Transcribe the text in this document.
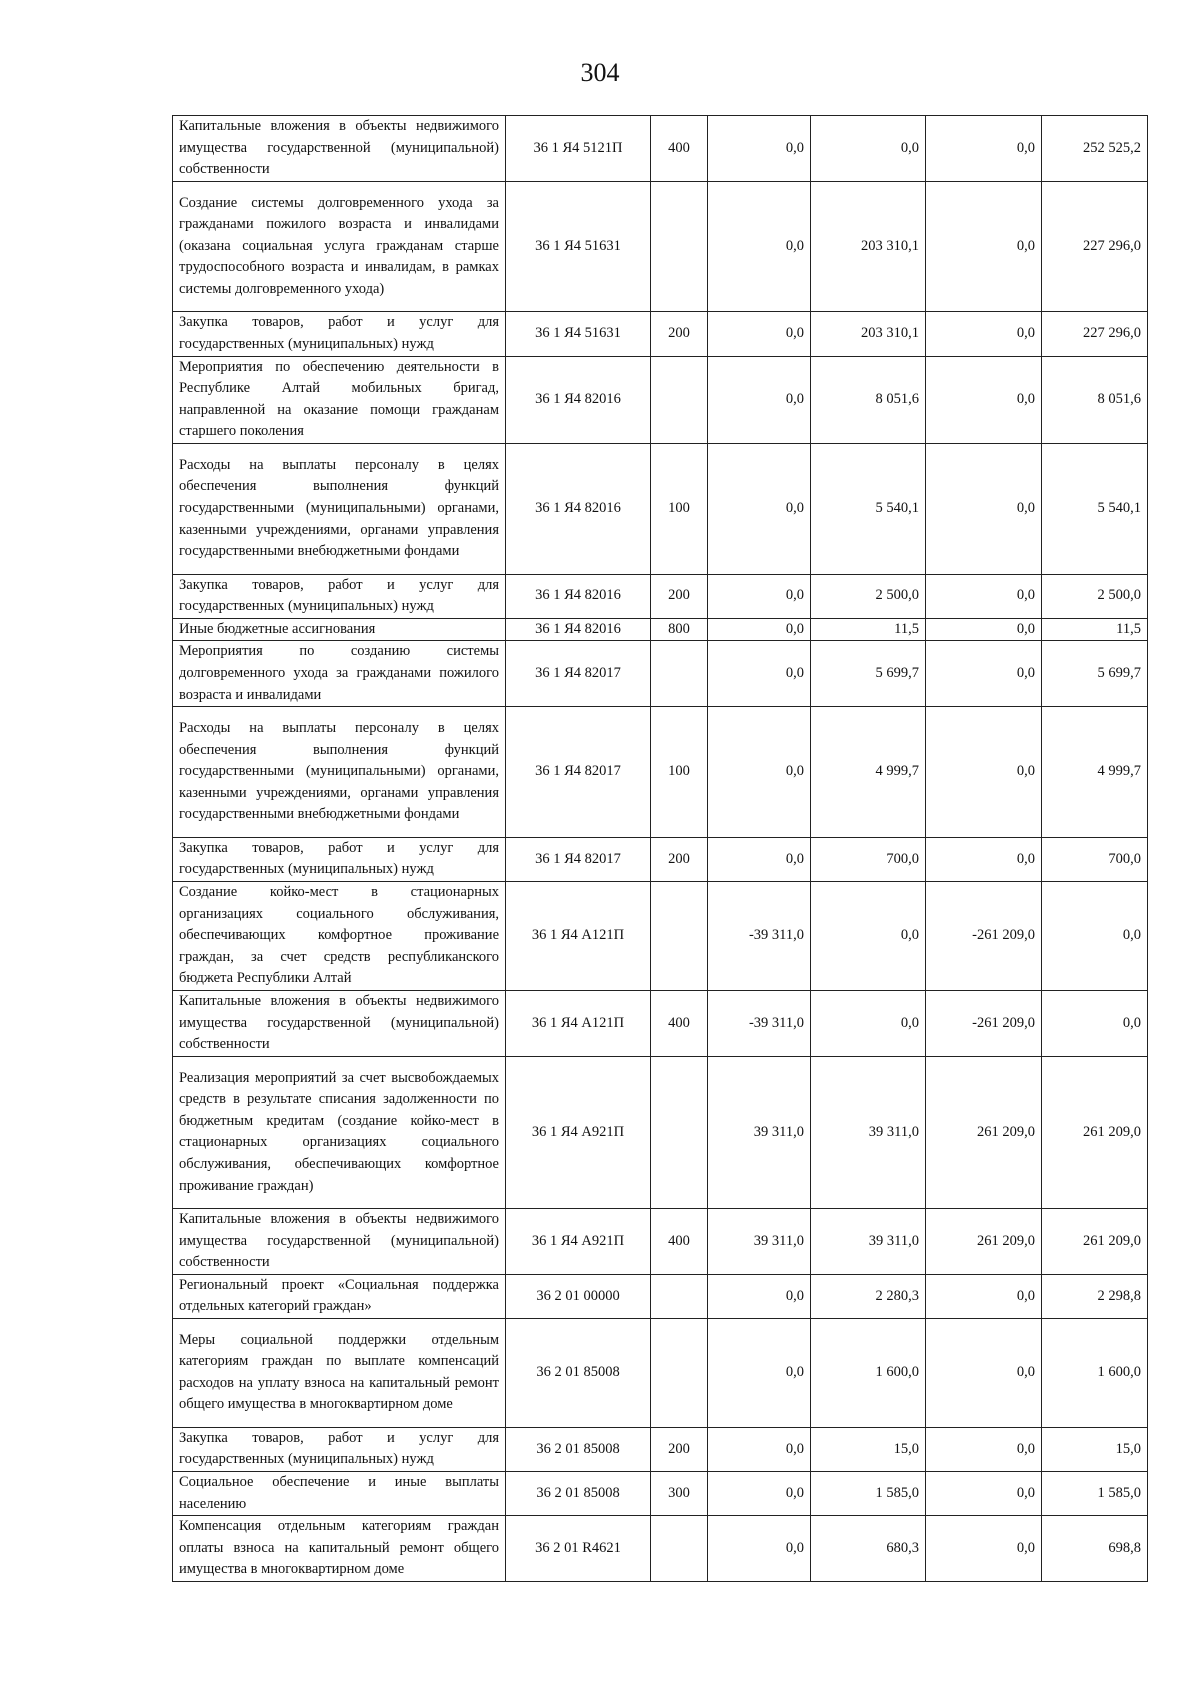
304
Капитальные вложения в объекты недвижимого имущества государственной (муниципальной) собственности	36 1 Я4 5121П	400	0,0	0,0	0,0	252 525,2
Создание системы долговременного ухода за гражданами пожилого возраста и инвалидами (оказана социальная услуга гражданам старше трудоспособного возраста и инвалидам, в рамках системы долговременного ухода)	36 1 Я4 51631		0,0	203 310,1	0,0	227 296,0
Закупка товаров, работ и услуг для государственных (муниципальных) нужд	36 1 Я4 51631	200	0,0	203 310,1	0,0	227 296,0
Мероприятия по обеспечению деятельности в Республике Алтай мобильных бригад, направленной на оказание помощи гражданам старшего поколения	36 1 Я4 82016		0,0	8 051,6	0,0	8 051,6
Расходы на выплаты персоналу в целях обеспечения выполнения функций государственными (муниципальными) органами, казенными учреждениями, органами управления государственными внебюджетными фондами	36 1 Я4 82016	100	0,0	5 540,1	0,0	5 540,1
Закупка товаров, работ и услуг для государственных (муниципальных) нужд	36 1 Я4 82016	200	0,0	2 500,0	0,0	2 500,0
Иные бюджетные ассигнования	36 1 Я4 82016	800	0,0	11,5	0,0	11,5
Мероприятия по созданию системы долговременного ухода за гражданами пожилого возраста и инвалидами	36 1 Я4 82017		0,0	5 699,7	0,0	5 699,7
Расходы на выплаты персоналу в целях обеспечения выполнения функций государственными (муниципальными) органами, казенными учреждениями, органами управления государственными внебюджетными фондами	36 1 Я4 82017	100	0,0	4 999,7	0,0	4 999,7
Закупка товаров, работ и услуг для государственных (муниципальных) нужд	36 1 Я4 82017	200	0,0	700,0	0,0	700,0
Создание койко-мест в стационарных организациях социального обслуживания, обеспечивающих комфортное проживание граждан, за счет средств республиканского бюджета Республики Алтай	36 1 Я4 А121П		-39 311,0	0,0	-261 209,0	0,0
Капитальные вложения в объекты недвижимого имущества государственной (муниципальной) собственности	36 1 Я4 А121П	400	-39 311,0	0,0	-261 209,0	0,0
Реализация мероприятий за счет высвобождаемых средств в результате списания задолженности по бюджетным кредитам (создание койко-мест в стационарных организациях социального обслуживания, обеспечивающих комфортное проживание граждан)	36 1 Я4 А921П		39 311,0	39 311,0	261 209,0	261 209,0
Капитальные вложения в объекты недвижимого имущества государственной (муниципальной) собственности	36 1 Я4 А921П	400	39 311,0	39 311,0	261 209,0	261 209,0
Региональный проект «Социальная поддержка отдельных категорий граждан»	36 2 01 00000		0,0	2 280,3	0,0	2 298,8
Меры социальной поддержки отдельным категориям граждан по выплате компенсаций расходов на уплату взноса на капитальный ремонт общего имущества в многоквартирном доме	36 2 01 85008		0,0	1 600,0	0,0	1 600,0
Закупка товаров, работ и услуг для государственных (муниципальных) нужд	36 2 01 85008	200	0,0	15,0	0,0	15,0
Социальное обеспечение и иные выплаты населению	36 2 01 85008	300	0,0	1 585,0	0,0	1 585,0
Компенсация отдельным категориям граждан оплаты взноса на капитальный ремонт общего имущества в многоквартирном доме	36 2 01 R4621		0,0	680,3	0,0	698,8
